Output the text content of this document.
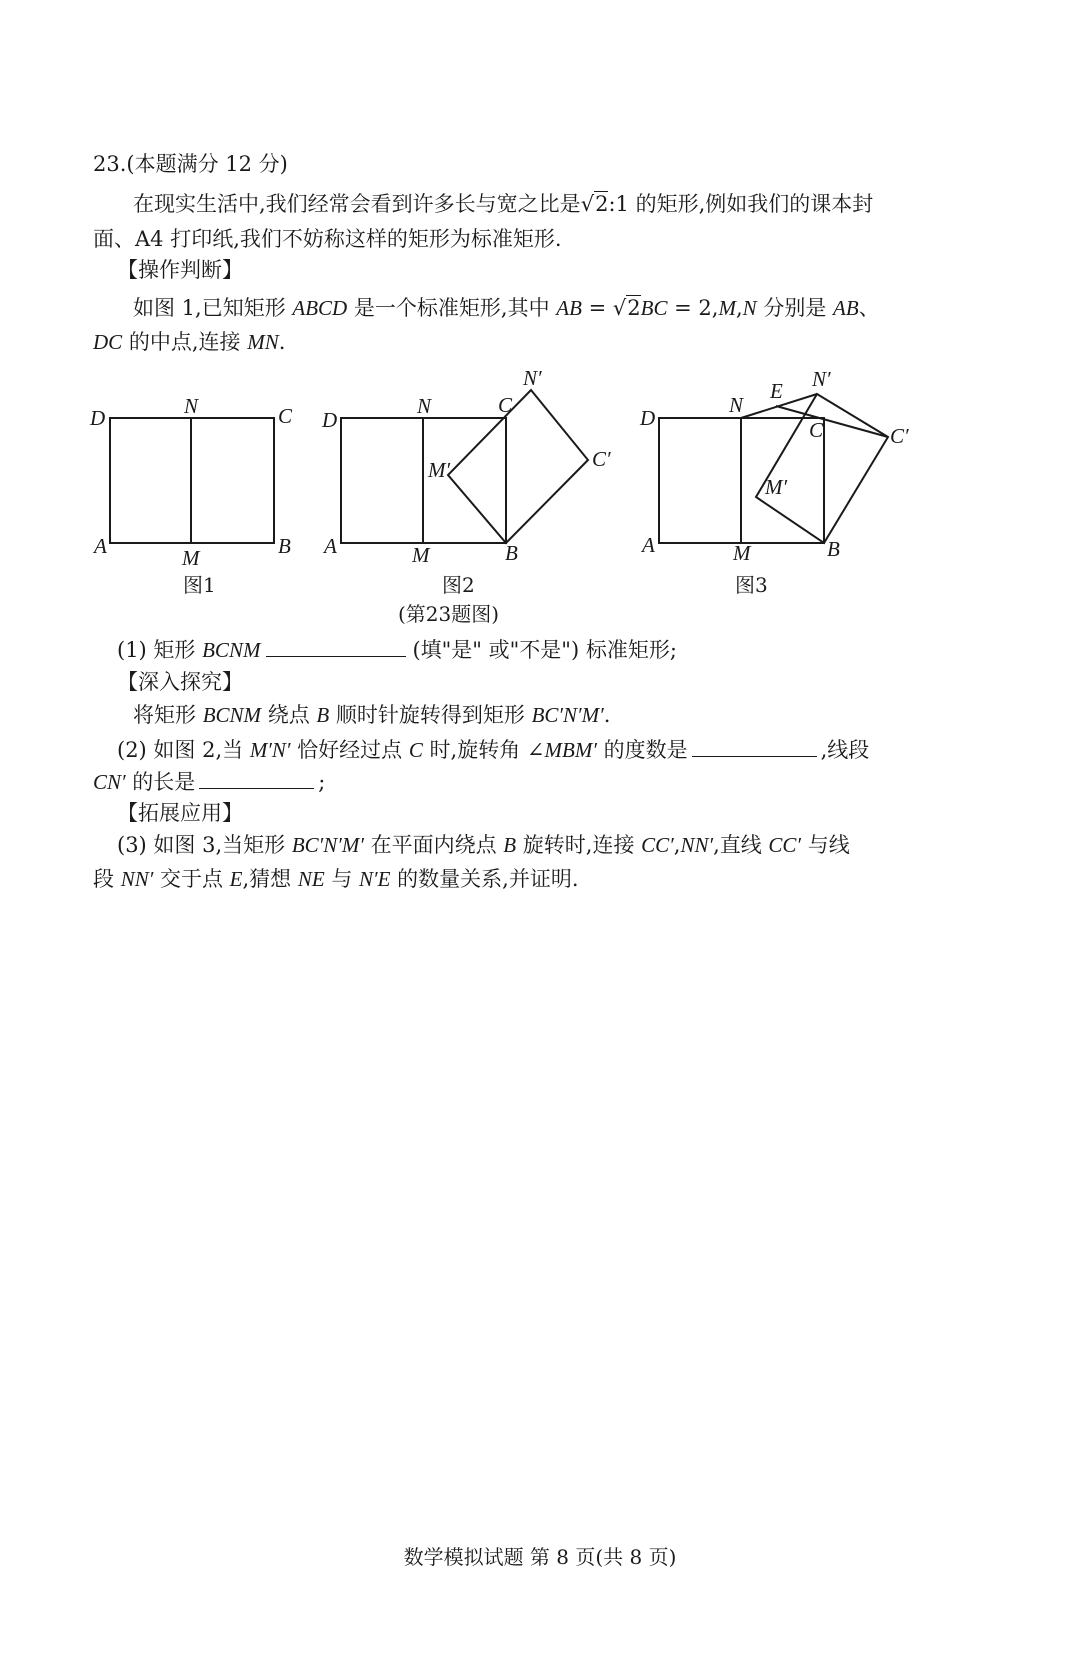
23.(本题满分 12 分)
在现实生活中,我们经常会看到许多长与宽之比是√2:1 的矩形,例如我们的课本封
面、A4 打印纸,我们不妨称这样的矩形为标准矩形.
【操作判断】
如图 1,已知矩形 ABCD 是一个标准矩形,其中 AB = √2BC = 2,M,N 分别是 AB、
DC 的中点,连接 MN.
D	N	C
A	M	B
图1
D
N	C
N′
C′
M′
A	M	B
图2
D
N
E N′
C	C′
M′
A	M	B
图3
(第23题图)
(1) 矩形 BCNM	(填"是" 或"不是") 标准矩形;
【深入探究】
将矩形 BCNM 绕点 B 顺时针旋转得到矩形 BC′N′M′.
(2) 如图 2,当 M′N′ 恰好经过点 C 时,旋转角 ∠MBM′ 的度数是	,线段
CN′ 的长是	;
【拓展应用】
(3) 如图 3,当矩形 BC′N′M′ 在平面内绕点 B 旋转时,连接 CC′,NN′,直线 CC′ 与线
段 NN′ 交于点 E,猜想 NE 与 N′E 的数量关系,并证明.
数学模拟试题 第 8 页(共 8 页)
